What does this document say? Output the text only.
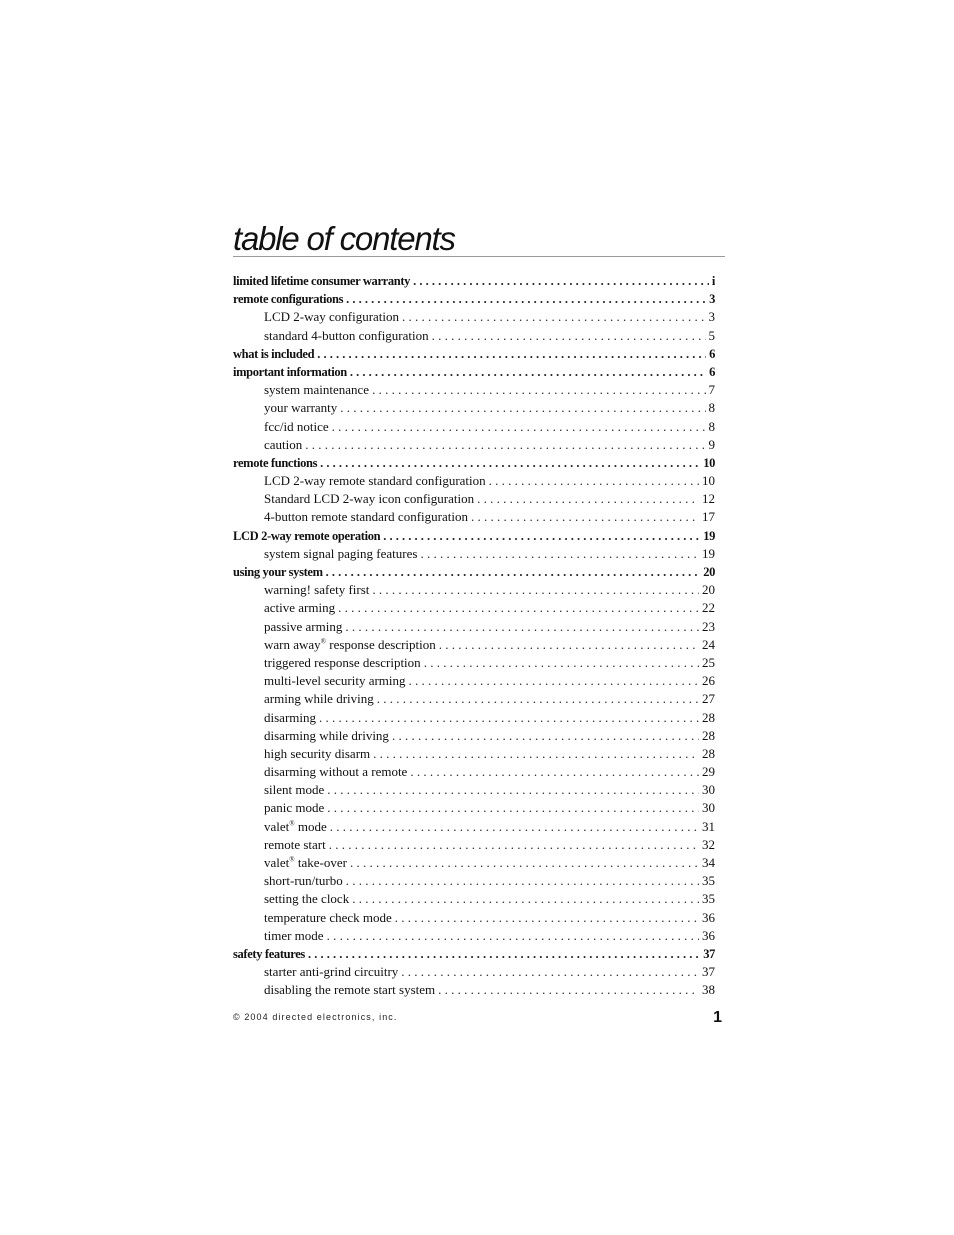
table of contents
limited lifetime consumer warranty . . .	i
remote configurations . . .	3
LCD 2-way configuration . . .	3
standard 4-button configuration . . .	5
what is included . . .	6
important information . . .	6
system maintenance . . .	7
your warranty . . .	8
fcc/id notice . . .	8
caution . . .	9
remote functions . . .	10
LCD 2-way remote standard configuration . . .	10
Standard LCD 2-way icon configuration . . .	12
4-button remote standard configuration . . .	17
LCD 2-way remote operation . . .	19
system signal paging features . . .	19
using your system . . .	20
warning! safety first . . .	20
active arming . . .	22
passive arming . . .	23
warn away® response description . . .	24
triggered response description . . .	25
multi-level security arming . . .	26
arming while driving . . .	27
disarming . . .	28
disarming while driving . . .	28
high security disarm . . .	28
disarming without a remote . . .	29
silent mode . . .	30
panic mode . . .	30
valet® mode . . .	31
remote start . . .	32
valet® take-over . . .	34
short-run/turbo . . .	35
setting the clock . . .	35
temperature check mode . . .	36
timer mode . . .	36
safety features . . .	37
starter anti-grind circuitry . . .	37
disabling the remote start system . . .	38
© 2004 directed electronics, inc.	1
